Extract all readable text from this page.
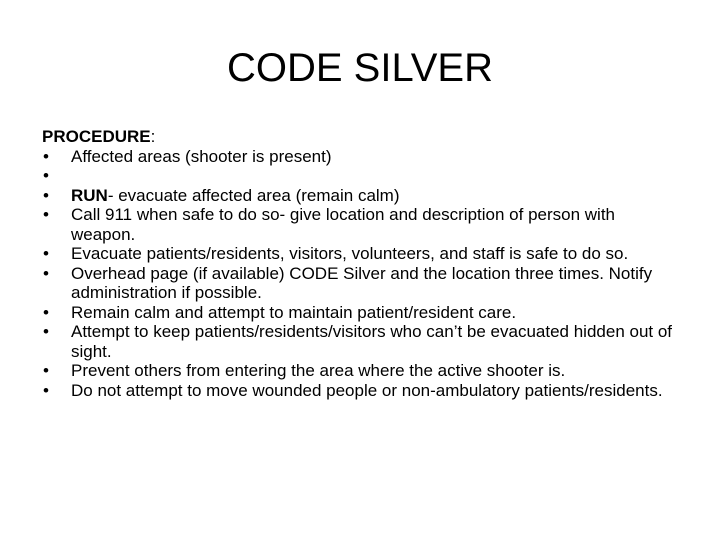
CODE SILVER

PROCEDURE:

• Affected areas (shooter is present)
•
• RUN- evacuate affected area (remain calm)
• Call 911 when safe to do so- give location and description of person with weapon.
• Evacuate patients/residents, visitors, volunteers, and staff is safe to do so.
• Overhead page (if available) CODE Silver and the location three times. Notify administration if possible.
• Remain calm and attempt to maintain patient/resident care.
• Attempt to keep patients/residents/visitors who can’t be evacuated hidden out of sight.
• Prevent others from entering the area where the active shooter is.
• Do not attempt to move wounded people or non-ambulatory patients/residents.
